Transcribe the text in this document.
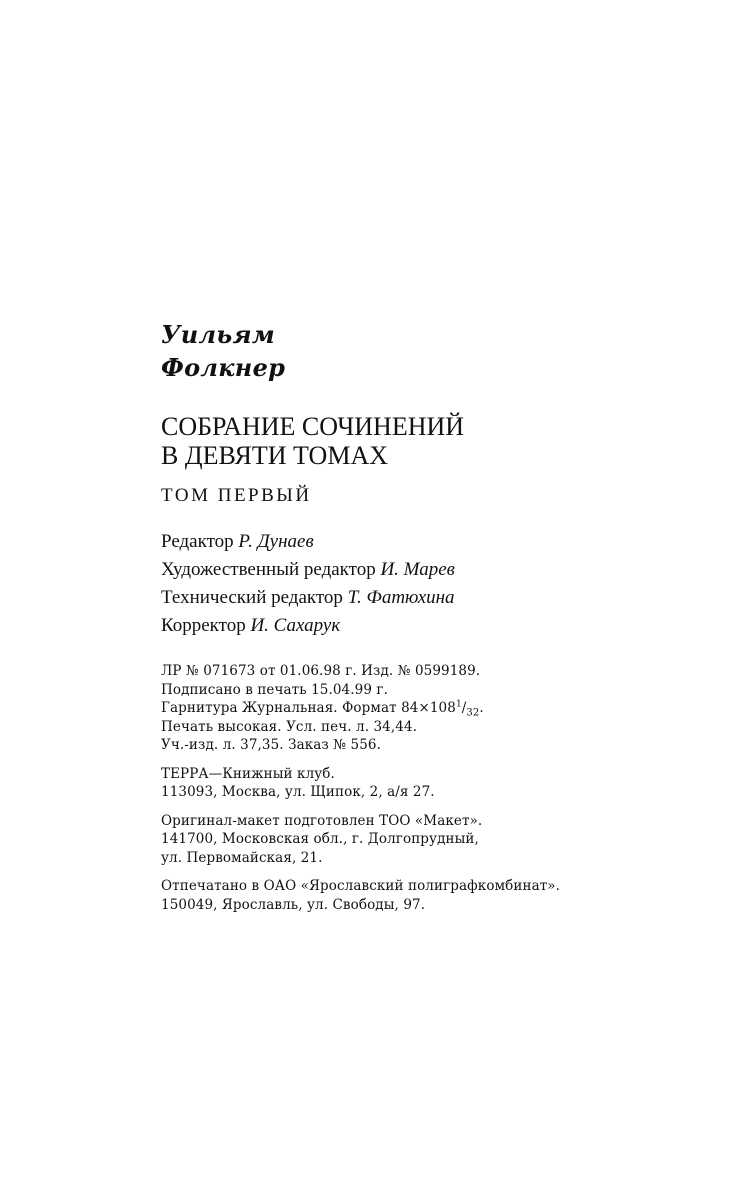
Уильям
Фолкнер
СОБРАНИЕ СОЧИНЕНИЙ
В ДЕВЯТИ ТОМАХ
ТОМ ПЕРВЫЙ
Редактор Р. Дунаев
Художественный редактор И. Марев
Технический редактор Т. Фатюхина
Корректор И. Сахарук
ЛР № 071673 от 01.06.98 г. Изд. № 0599189.
Подписано в печать 15.04.99 г.
Гарнитура Журнальная. Формат $84\times 108^1/_{32}$.
Печать высокая. Усл. печ. л. 34,44.
Уч.-изд. л. 37,35. Заказ № 556.
ТЕРРА—Книжный клуб.
113093, Москва, ул. Щипок, 2, а/я 27.
Оригинал-макет подготовлен ТОО «Макет».
141700, Московская обл., г. Долгопрудный,
ул. Первомайская, 21.
Отпечатано в ОАО «Ярославский полиграфкомбинат».
150049, Ярославль, ул. Свободы, 97.
